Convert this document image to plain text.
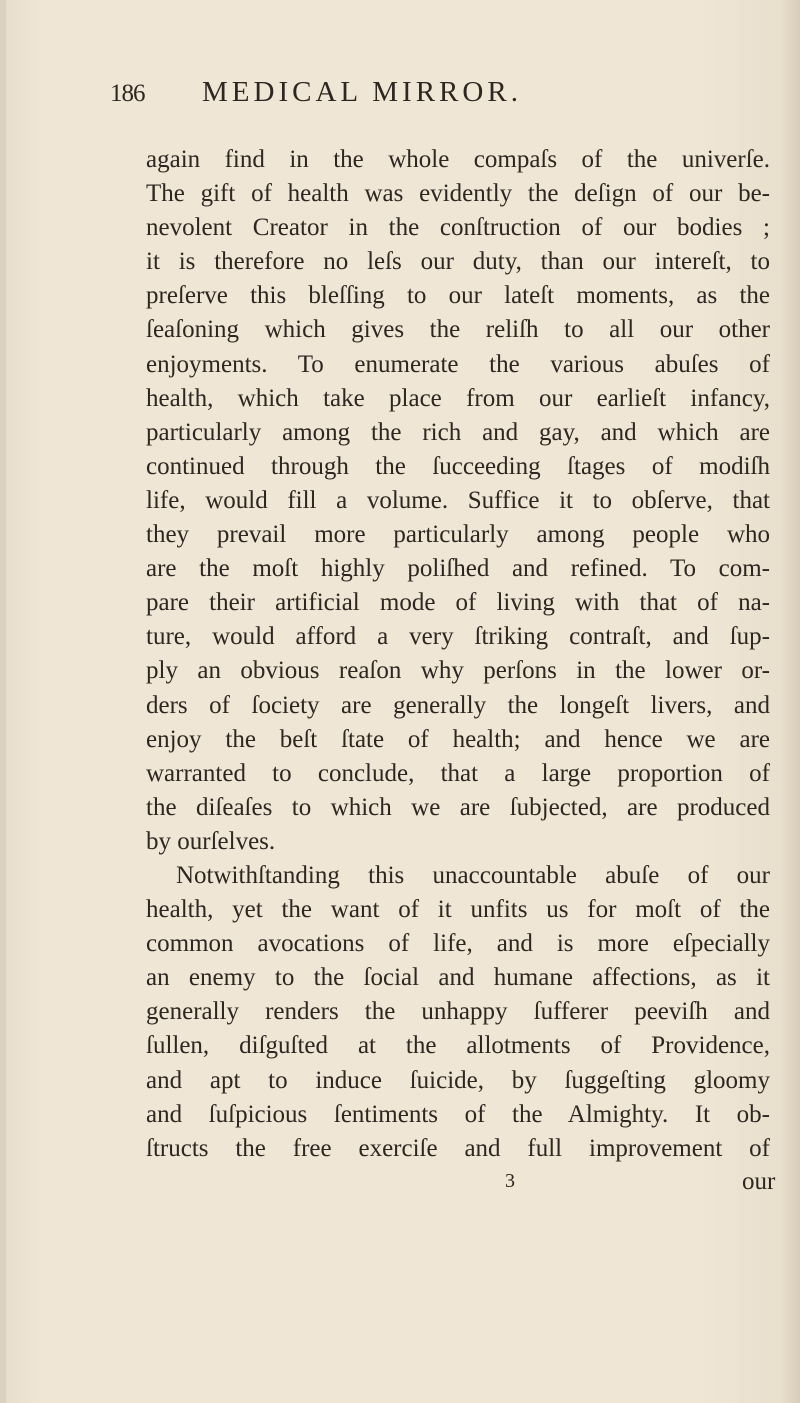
186 MEDICAL MIRROR.
again find in the whole compaſs of the univerſe.
The gift of health was evidently the deſign of our be-
nevolent Creator in the conſtruction of our bodies ;
it is therefore no leſs our duty, than our intereſt, to
preſerve this bleſſing to our lateſt moments, as the
ſeaſoning which gives the reliſh to all our other
enjoyments. To enumerate the various abuſes of
health, which take place from our earlieſt infancy,
particularly among the rich and gay, and which are
continued through the ſucceeding ſtages of modiſh
life, would fill a volume. Suffice it to obſerve, that
they prevail more particularly among people who
are the moſt highly poliſhed and refined. To com-
pare their artificial mode of living with that of na-
ture, would afford a very ſtriking contraſt, and ſup-
ply an obvious reaſon why perſons in the lower or-
ders of ſociety are generally the longeſt livers, and
enjoy the beſt ſtate of health; and hence we are
warranted to conclude, that a large proportion of
the diſeaſes to which we are ſubjected, are produced
by ourſelves.
Notwithſtanding this unaccountable abuſe of our
health, yet the want of it unfits us for moſt of the
common avocations of life, and is more eſpecially
an enemy to the ſocial and humane affections, as it
generally renders the unhappy ſufferer peeviſh and
ſullen, diſguſted at the allotments of Providence,
and apt to induce ſuicide, by ſuggeſting gloomy
and ſuſpicious ſentiments of the Almighty. It ob-
ſtructs the free exerciſe and full improvement of
3	our
